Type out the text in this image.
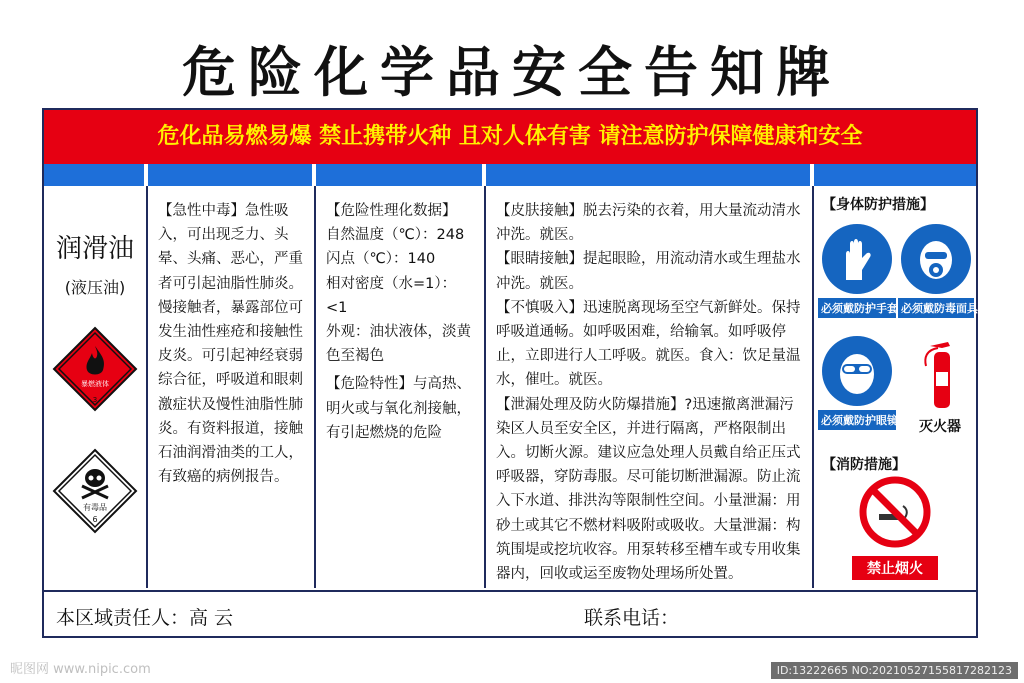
危险化学品安全告知牌
危化品易燃易爆 禁止携带火种 且对人体有害 请注意防护保障健康和安全
润滑油
(液压油)
暴燃液体
3
有毒品
6

【急性中毒】急性吸入，可出现乏力、头晕、头痛、恶心，严重者可引起油脂性肺炎。慢接触者，暴露部位可发生油性痤疮和接触性皮炎。可引起神经衰弱综合征，呼吸道和眼刺激症状及慢性油脂性肺炎。有资料报道，接触石油润滑油类的工人，有致癌的病例报告。

【危险性理化数据】

自然温度（℃）：248

闪点（℃）：140

相对密度（水=1）：<1

外观：油状液体，淡黄色至褐色

【危险特性】与高热、明火或与氧化剂接触，有引起燃烧的危险

【皮肤接触】脱去污染的衣着，用大量流动清水冲洗。就医。

【眼睛接触】提起眼睑，用流动清水或生理盐水冲洗。就医。

【不慎吸入】迅速脱离现场至空气新鲜处。保持呼吸道通畅。如呼吸困难，给输氧。如呼吸停止，立即进行人工呼吸。就医。食入：饮足量温水，催吐。就医。

【泄漏处理及防火防爆措施】?迅速撤离泄漏污染区人员至安全区，并进行隔离，严格限制出入。切断火源。建议应急处理人员戴自给正压式呼吸器，穿防毒服。尽可能切断泄漏源。防止流入下水道、排洪沟等限制性空间。小量泄漏：用砂土或其它不燃材料吸附或吸收。大量泄漏：构筑围堤或挖坑收容。用泵转移至槽车或专用收集器内，回收或运至废物处理场所处置。

【身体防护措施】
必须戴防护手套 必须戴防毒面具
必须戴防护眼镜	灭火器
【消防措施】
禁止烟火
本区域责任人：高 云	联系电话：
昵图网 www.nipic.com	ID:13222665 NO:20210527155817282123
